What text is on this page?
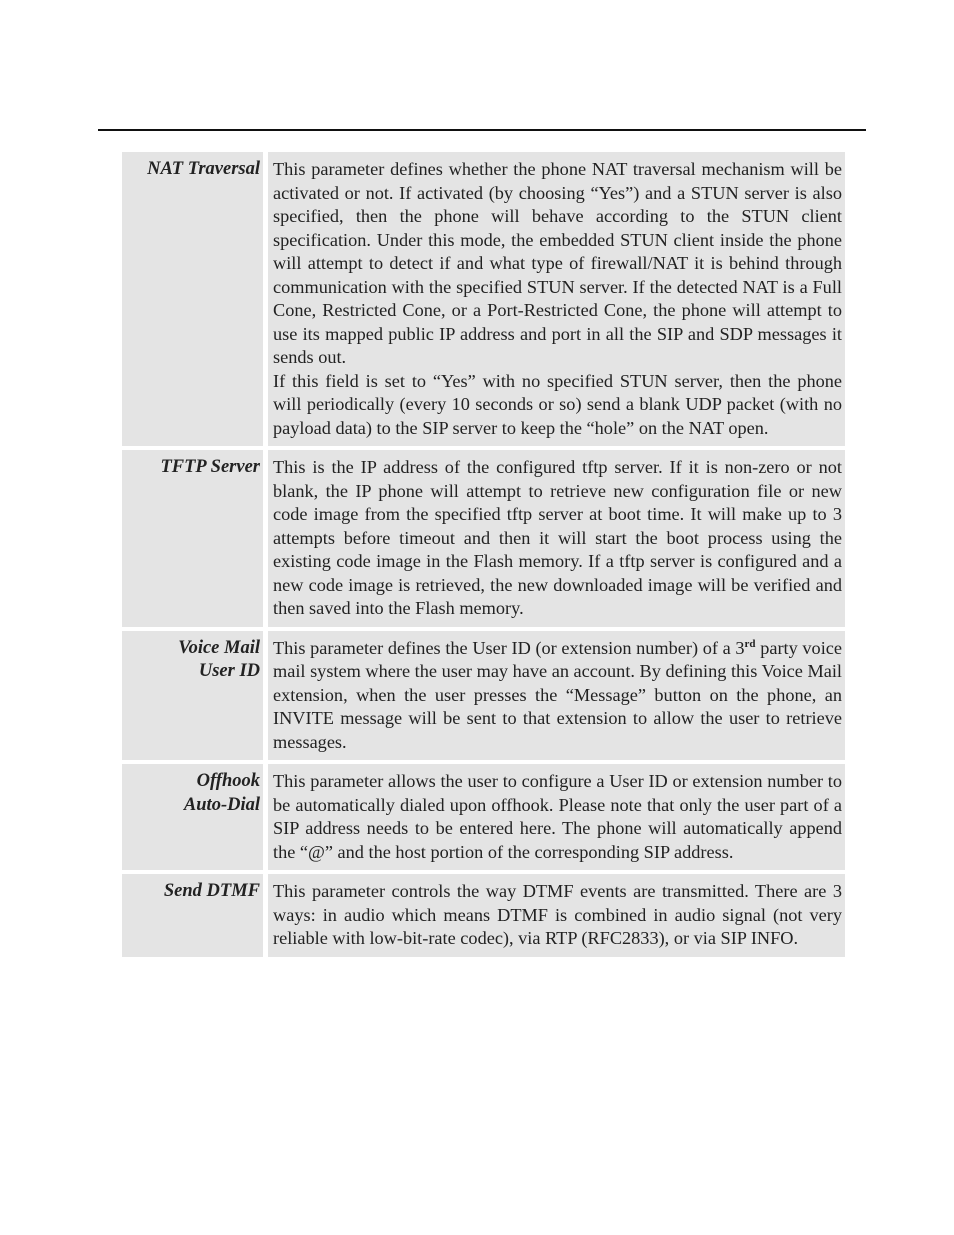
NAT Traversal This parameter defines whether the phone NAT traversal mechanism will be activated or not. If activated (by choosing “Yes”) and a STUN server is also specified, then the phone will behave according to the STUN client specification. Under this mode, the embedded STUN client inside the phone will attempt to detect if and what type of firewall/NAT it is behind through communication with the specified STUN server. If the detected NAT is a Full Cone, Restricted Cone, or a Port-Restricted Cone, the phone will attempt to use its mapped public IP address and port in all the SIP and SDP messages it sends out.

If this field is set to “Yes” with no specified STUN server, then the phone will periodically (every 10 seconds or so) send a blank UDP packet (with no payload data) to the SIP server to keep the “hole” on the NAT open.

TFTP Server This is the IP address of the configured tftp server. If it is non-zero or not blank, the IP phone will attempt to retrieve new configuration file or new code image from the specified tftp server at boot time. It will make up to 3 attempts before timeout and then it will start the boot process using the existing code image in the Flash memory. If a tftp server is configured and a new code image is retrieved, the new downloaded image will be verified and then saved into the Flash memory.

Voice Mail
User ID

This parameter defines the User ID (or extension number) of a 3rd party voice mail system where the user may have an account. By defining this Voice Mail extension, when the user presses the “Message” button on the phone, an INVITE message will be sent to that extension to allow the user to retrieve messages.

Offhook
Auto-Dial

This parameter allows the user to configure a User ID or extension number to be automatically dialed upon offhook. Please note that only the user part of a SIP address needs to be entered here. The phone will automatically append the “@” and the host portion of the corresponding SIP address.

Send DTMF This parameter controls the way DTMF events are transmitted. There are 3 ways: in audio which means DTMF is combined in audio signal (not very reliable with low-bit-rate codec), via RTP (RFC2833), or via SIP INFO.
